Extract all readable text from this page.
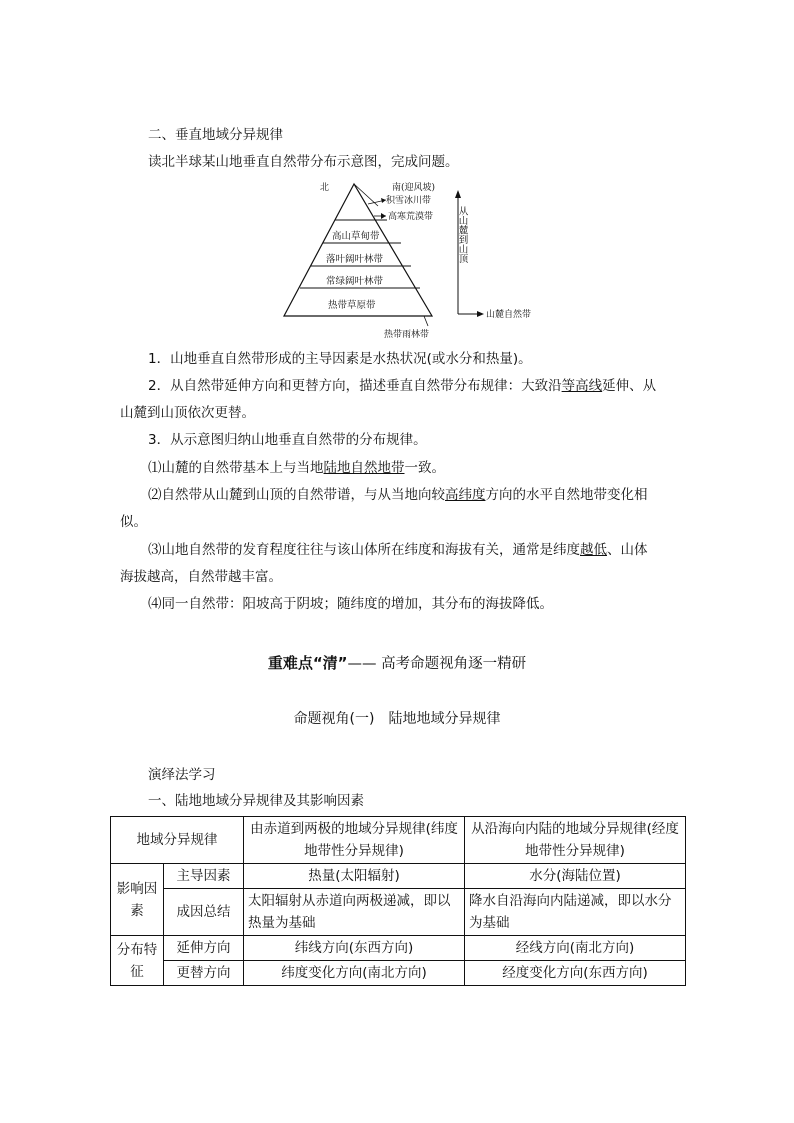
二、垂直地域分异规律
读北半球某山地垂直自然带分布示意图，完成问题。
北	南(迎风坡)
积雪冰川带
高寒荒漠带
高山草甸带
落叶阔叶林带
常绿阔叶林带
热带草原带
热带雨林带
山麓自然带
从山麓到山顶
1．山地垂直自然带形成的主导因素是水热状况(或水分和热量)。
2．从自然带延伸方向和更替方向，描述垂直自然带分布规律：大致沿等高线延伸、从
山麓到山顶依次更替。
3．从示意图归纳山地垂直自然带的分布规律。
⑴山麓的自然带基本上与当地陆地自然地带一致。
⑵自然带从山麓到山顶的自然带谱，与从当地向较高纬度方向的水平自然地带变化相
似。
⑶山地自然带的发育程度往往与该山体所在纬度和海拔有关，通常是纬度越低、山体
海拔越高，自然带越丰富。
⑷同一自然带：阳坡高于阴坡；随纬度的增加，其分布的海拔降低。
重难点“清”—— 高考命题视角逐一精研
命题视角(一)　陆地地域分异规律
演绎法学习
一、陆地地域分异规律及其影响因素
地域分异规律		由赤道到两极的地域分异规律(纬度地带性分异规律)	从沿海向内陆的地域分异规律(经度地带性分异规律)
影响因素	主导因素	热量(太阳辐射)	水分(海陆位置)
	成因总结	太阳辐射从赤道向两极递减，即以热量为基础	降水自沿海向内陆递减，即以水分为基础
分布特征	延伸方向	纬线方向(东西方向)	经线方向(南北方向)
	更替方向	纬度变化方向(南北方向)	经度变化方向(东西方向)
